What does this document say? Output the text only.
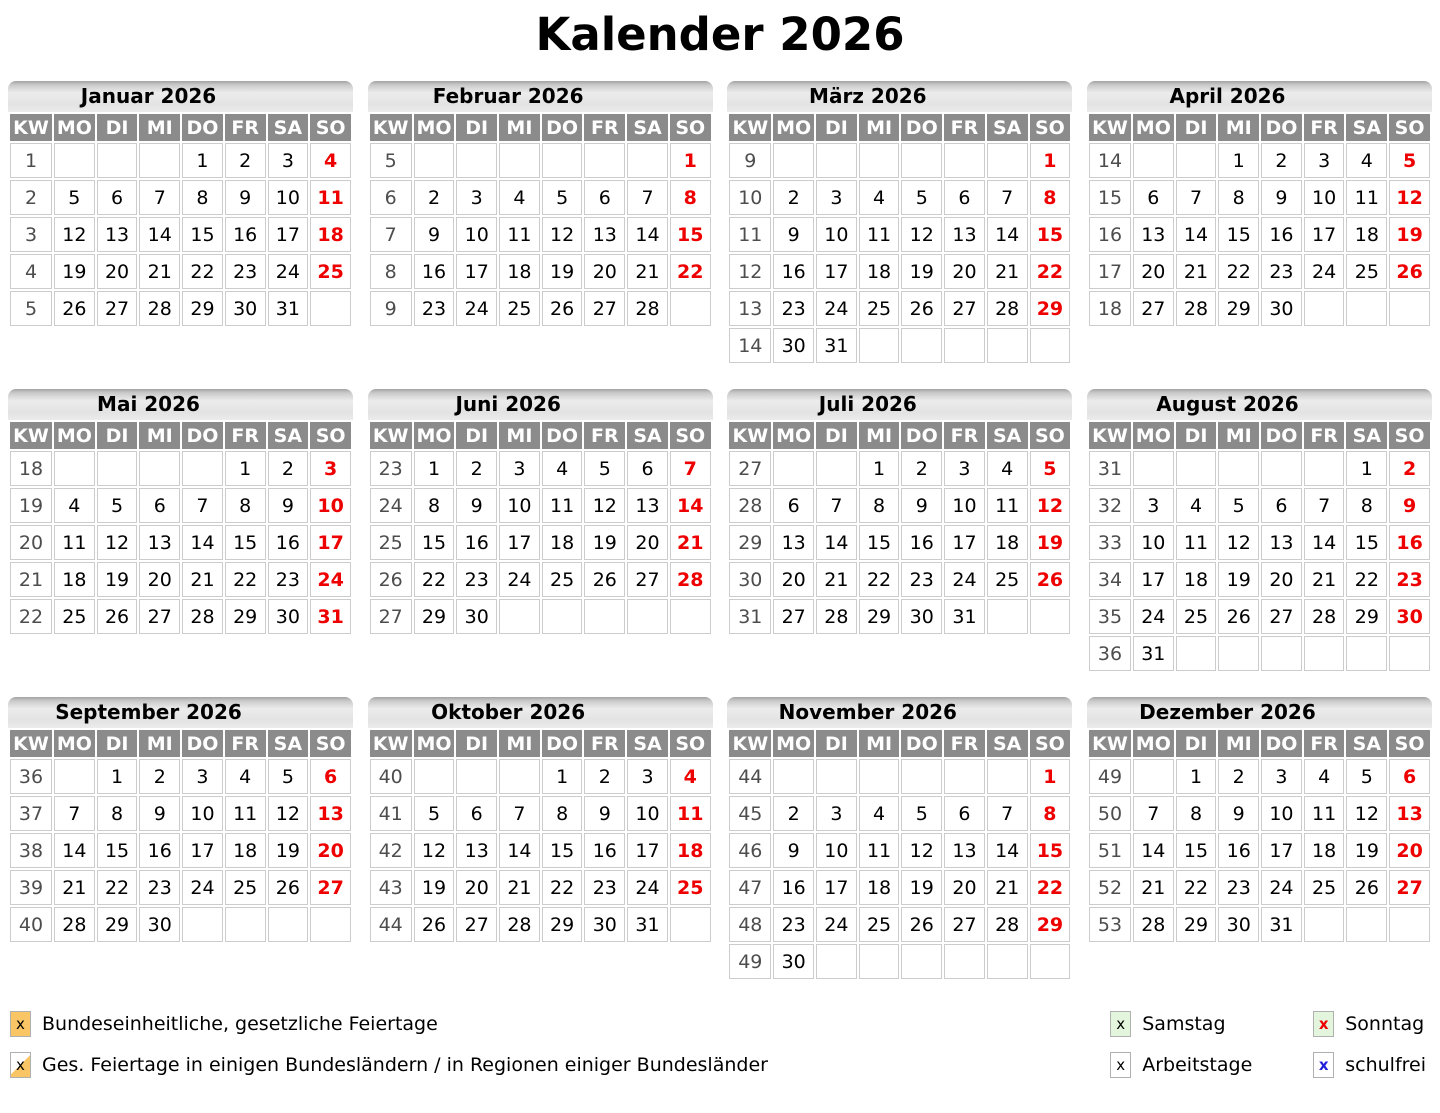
Kalender 2026
Januar 2026
KW	MO	DI	MI	DO	FR	SA	SO
1				1	2	3	4
2	5	6	7	8	9	10	11
3	12	13	14	15	16	17	18
4	19	20	21	22	23	24	25
5	26	27	28	29	30	31	
Februar 2026
KW	MO	DI	MI	DO	FR	SA	SO
5							1
6	2	3	4	5	6	7	8
7	9	10	11	12	13	14	15
8	16	17	18	19	20	21	22
9	23	24	25	26	27	28	
März 2026
KW	MO	DI	MI	DO	FR	SA	SO
9							1
10	2	3	4	5	6	7	8
11	9	10	11	12	13	14	15
12	16	17	18	19	20	21	22
13	23	24	25	26	27	28	29
14	30	31					
April 2026
KW	MO	DI	MI	DO	FR	SA	SO
14			1	2	3	4	5
15	6	7	8	9	10	11	12
16	13	14	15	16	17	18	19
17	20	21	22	23	24	25	26
18	27	28	29	30			
Mai 2026
KW	MO	DI	MI	DO	FR	SA	SO
18					1	2	3
19	4	5	6	7	8	9	10
20	11	12	13	14	15	16	17
21	18	19	20	21	22	23	24
22	25	26	27	28	29	30	31
Juni 2026
KW	MO	DI	MI	DO	FR	SA	SO
23	1	2	3	4	5	6	7
24	8	9	10	11	12	13	14
25	15	16	17	18	19	20	21
26	22	23	24	25	26	27	28
27	29	30					
Juli 2026
KW	MO	DI	MI	DO	FR	SA	SO
27			1	2	3	4	5
28	6	7	8	9	10	11	12
29	13	14	15	16	17	18	19
30	20	21	22	23	24	25	26
31	27	28	29	30	31		
August 2026
KW	MO	DI	MI	DO	FR	SA	SO
31						1	2
32	3	4	5	6	7	8	9
33	10	11	12	13	14	15	16
34	17	18	19	20	21	22	23
35	24	25	26	27	28	29	30
36	31						
September 2026
KW	MO	DI	MI	DO	FR	SA	SO
36		1	2	3	4	5	6
37	7	8	9	10	11	12	13
38	14	15	16	17	18	19	20
39	21	22	23	24	25	26	27
40	28	29	30				
Oktober 2026
KW	MO	DI	MI	DO	FR	SA	SO
40				1	2	3	4
41	5	6	7	8	9	10	11
42	12	13	14	15	16	17	18
43	19	20	21	22	23	24	25
44	26	27	28	29	30	31	
November 2026
KW	MO	DI	MI	DO	FR	SA	SO
44							1
45	2	3	4	5	6	7	8
46	9	10	11	12	13	14	15
47	16	17	18	19	20	21	22
48	23	24	25	26	27	28	29
49	30						
Dezember 2026
KW	MO	DI	MI	DO	FR	SA	SO
49		1	2	3	4	5	6
50	7	8	9	10	11	12	13
51	14	15	16	17	18	19	20
52	21	22	23	24	25	26	27
53	28	29	30	31			
x Bundeseinheitliche, gesetzliche Feiertage
x Ges. Feiertage in einigen Bundesländern / in Regionen einiger Bundesländer
x Samstag	x Sonntag
x Arbeitstage	x schulfrei
